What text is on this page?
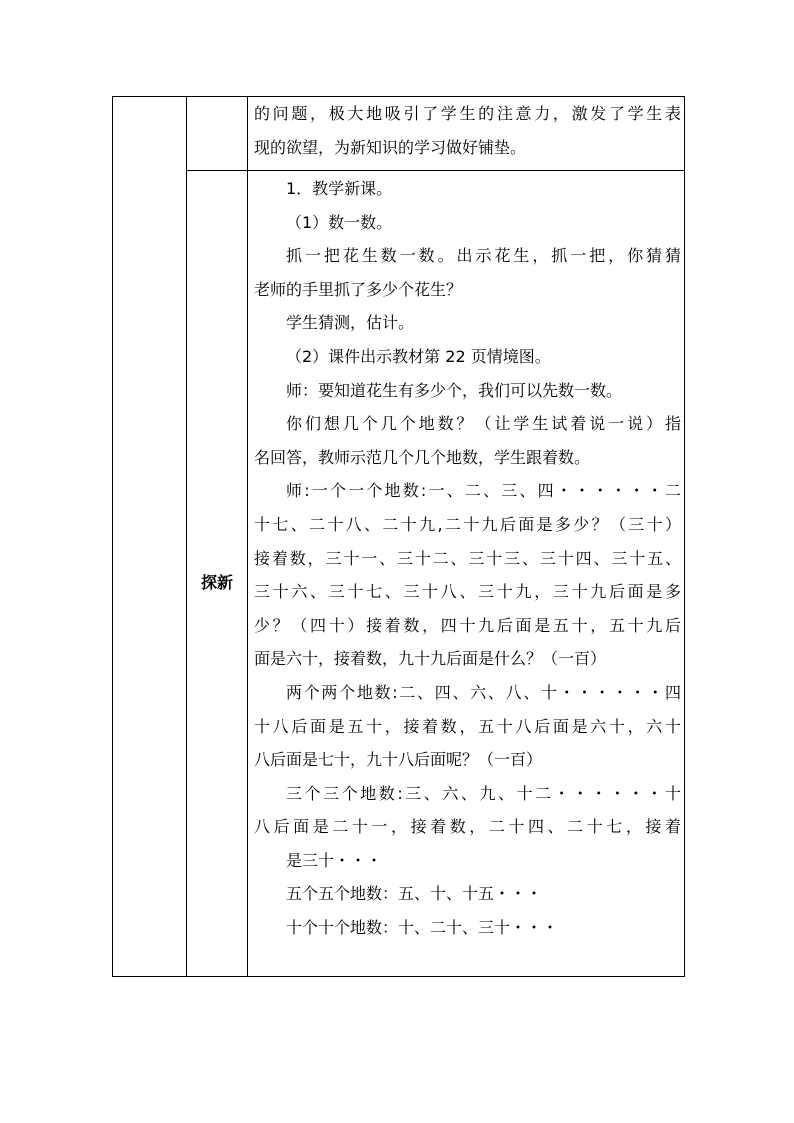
的问题，极大地吸引了学生的注意力，激发了学生表
现的欲望，为新知识的学习做好铺垫。
探新
1．教学新课。
（1）数一数。
抓一把花生数一数。出示花生，抓一把，你猜猜
老师的手里抓了多少个花生？
学生猜测，估计。
（2）课件出示教材第 22 页情境图。
师：要知道花生有多少个，我们可以先数一数。
你们想几个几个地数？（让学生试着说一说）指
名回答，教师示范几个几个地数，学生跟着数。
师:一个一个地数:一、二、三、四・・・・・・二
十七、二十八、二十九,二十九后面是多少？（三十）
接着数，三十一、三十二、三十三、三十四、三十五、
三十六、三十七、三十八、三十九，三十九后面是多
少？（四十）接着数，四十九后面是五十，五十九后
面是六十，接着数，九十九后面是什么？（一百）
两个两个地数:二、四、六、八、十・・・・・・四
十八后面是五十，接着数，五十八后面是六十，六十
八后面是七十，九十八后面呢？（一百）
三个三个地数:三、六、九、十二・・・・・・十
八后面是二十一，接着数，二十四、二十七，接着
是三十・・・
五个五个地数：五、十、十五・・・
十个十个地数：十、二十、三十・・・
